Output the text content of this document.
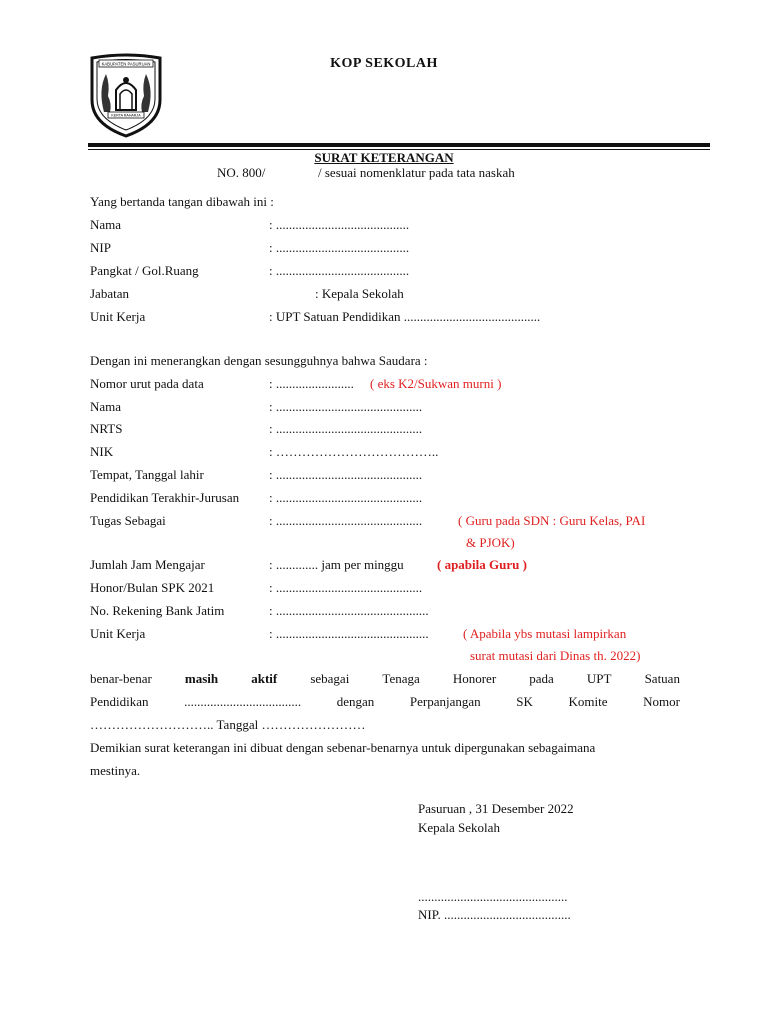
KABUPATEN PASURUAN
KERTA RAHARJA
KOP SEKOLAH
SURAT KETERANGAN
NO. 800/	/ sesuai nomenklatur pada tata naskah
Yang bertanda tangan dibawah ini :
Nama	: .........................................
NIP	: .........................................
Pangkat / Gol.Ruang	: .........................................
Jabatan	: Kepala Sekolah
Unit Kerja	: UPT Satuan Pendidikan ..........................................
Dengan ini menerangkan dengan sesungguhnya bahwa Saudara :
Nomor urut pada data	: ........................ ( eks K2/Sukwan murni )
Nama	: .............................................
NRTS	: .............................................
NIK	: ………………………………..
Tempat, Tanggal lahir	: .............................................
Pendidikan Terakhir-Jurusan : .............................................
Tugas Sebagai	: .............................................	( Guru pada SDN : Guru Kelas, PAI
& PJOK)
Jumlah Jam Mengajar	: ............. jam per minggu	( apabila Guru )
Honor/Bulan SPK 2021	: .............................................
No. Rekening Bank Jatim	: ...............................................
Unit Kerja	: ...............................................	( Apabila ybs mutasi lampirkan
surat mutasi dari Dinas th. 2022)
benar-benar	masih	aktif	sebagai	Tenaga	Honorer	pada	UPT	Satuan
Pendidikan	....................................	dengan	Perpanjangan	SK	Komite	Nomor
……………………….. Tanggal ……………………
Demikian surat keterangan ini dibuat dengan sebenar-benarnya untuk dipergunakan sebagaimana
mestinya.
Pasuruan , 31 Desember 2022
Kepala Sekolah
..............................................
NIP. .......................................
